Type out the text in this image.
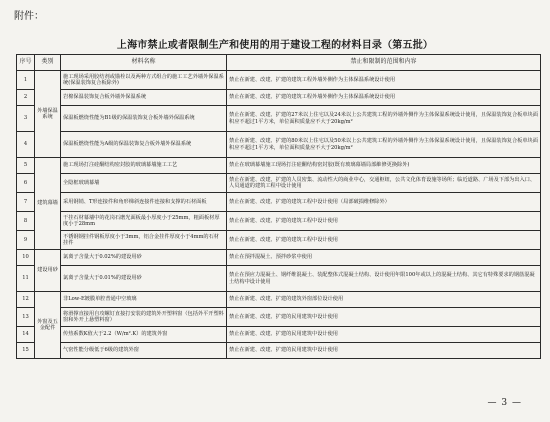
附件：
上海市禁止或者限制生产和使用的用于建设工程的材料目录（第五批）
序号	类别	材料名称	禁止和限制的范围和内容
1	外墙保温系统	施工现场采用胶结剂或锚栓以及两种方式组合的施工工艺外墙外保温系统(保温装饰复合板除外)	禁止在新建、改建、扩建的建筑工程外墙外侧作为主体保温系统设计使用
2		岩棉保温装饰复合板外墙外保温系统	禁止在新建、改建、扩建的建筑工程外墙外侧作为主体保温系统设计使用
3		保温板燃烧性能为B1级的保温装饰复合板外墙外保温系统	禁止在新建、改建、扩建的27米以上住宅以及24米以上公共建筑工程的外墙外侧作为主体保温系统设计使用，且保温装饰复合板单块面积应不超过1平方米，单位面积质量应不大于20kg/m²
4		保温板燃烧性能为A级的保温装饰复合板外墙外保温系统	禁止在新建、改建、扩建的80米以上住宅以及50米以上公共建筑工程的外墙外侧作为主体保温系统设计使用，且保温装饰复合板单块面积应不超过1平方米，单位面积质量应不大于20kg/m²
5	建筑幕墙	施工现场打注硅酮结构密封胶的玻璃幕墙施工工艺	禁止在玻璃幕墙施工现场打注硅酮结构密封胶(既有玻璃幕墙局部維修更换除外)
6		全隐框玻璃幕墙	禁止在新建、改建、扩建的人员密集、流动性大的商业中心，交通枢纽，公共文化体育设施等场所；临近道路、广场及下部为出入口、人员通道的建筑工程中设计使用
7		采用钢销、T形连接件和角形梯斜连接件连接和支撑的石材面板	禁止在新建、改建、扩建的建筑工程中设计使用（局部破损维修除外）
8		干挂石材幕墙中的花岗石磨光面板最小厚度小于25mm，粗面板材厚度小于28mm	禁止在新建、改建、扩建的建筑工程中设计使用
9		不锈钢钢挂件钢板厚度小于3mm，铝合金挂件厚度小于4mm的石材挂件	禁止在新建、改建、扩建的建筑工程中设计使用
10	建设用砂	氯离子含量大于0.02%的建设用砂	禁止在预拌混凝土、预拌砂浆中使用
11		氯离子含量大于0.01%的建设用砂	禁止在预应力混凝土、钢纤维混凝土、装配整体式混凝土结构、设计使用年限100年或以上的混凝土结构、其它有特殊要求的钢筋混凝土结构中设计使用
12	外窗及五金配件	非Low-E镀膜单腔普通中空玻璃	禁止在新建、改建、扩建的建筑外窗部位设计使用
13		将滑撑直接用自攻螺钉直接打安装的建筑外开塑料窗（包括外平开塑料窗和外开上悬塑料窗）	禁止在新建、改建、扩建的民用建筑中设计使用
14		传热系数K值大于2.2（W/m².K）的建筑外窗	禁止在新建、改建、扩建的民用建筑中设计使用
15		气密性能分级低于6级的建筑外窗	禁止在新建、改建、扩建的民用建筑中设计使用
— 3 —
